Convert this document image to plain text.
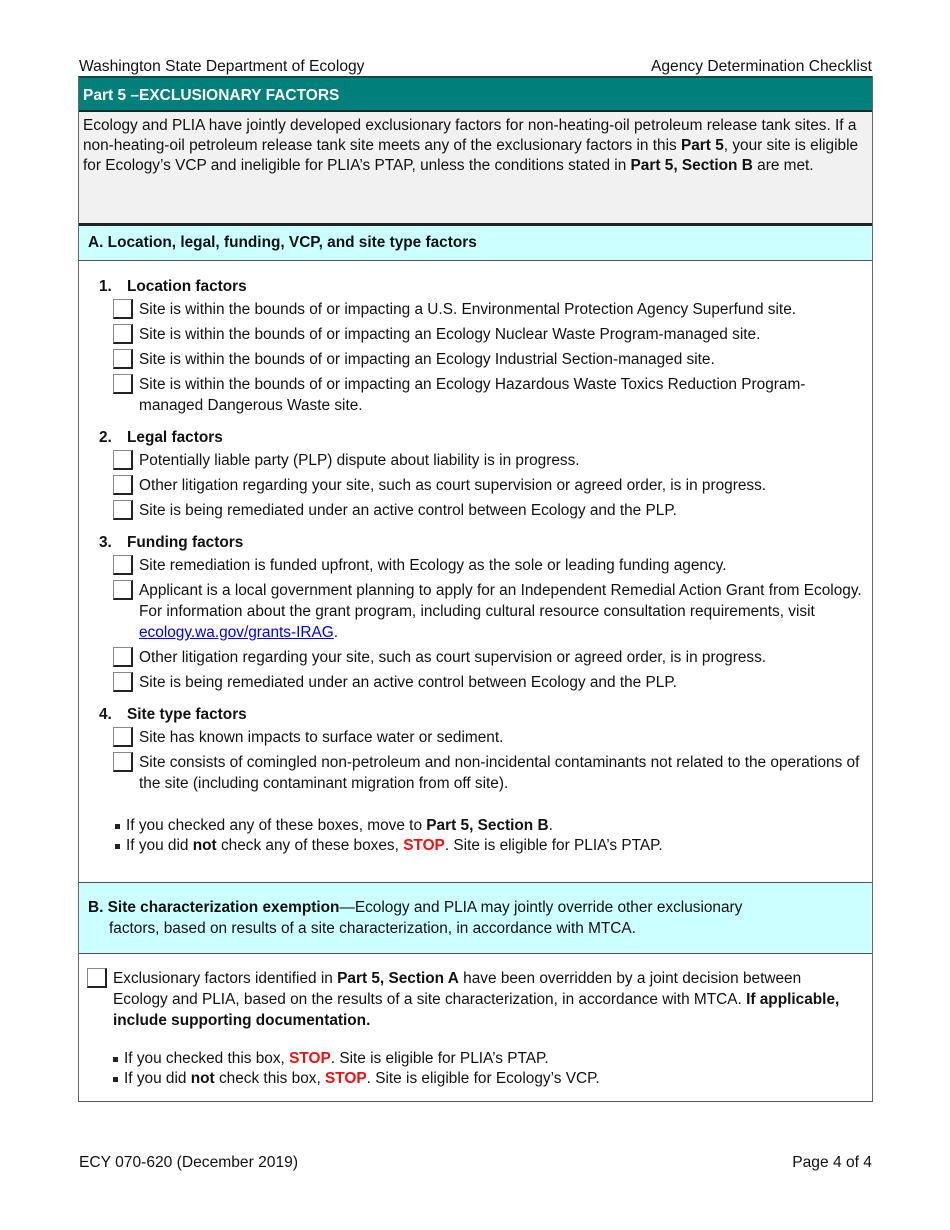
Washington State Department of Ecology	Agency Determination Checklist
Part 5 –EXCLUSIONARY FACTORS
Ecology and PLIA have jointly developed exclusionary factors for non-heating-oil petroleum release tank sites. If a non-heating-oil petroleum release tank site meets any of the exclusionary factors in this Part 5, your site is eligible for Ecology’s VCP and ineligible for PLIA’s PTAP, unless the conditions stated in Part 5, Section B are met.
A. Location, legal, funding, VCP, and site type factors
1. Location factors
Site is within the bounds of or impacting a U.S. Environmental Protection Agency Superfund site.
Site is within the bounds of or impacting an Ecology Nuclear Waste Program-managed site.
Site is within the bounds of or impacting an Ecology Industrial Section-managed site.
Site is within the bounds of or impacting an Ecology Hazardous Waste Toxics Reduction Program-managed Dangerous Waste site.
2. Legal factors
Potentially liable party (PLP) dispute about liability is in progress.
Other litigation regarding your site, such as court supervision or agreed order, is in progress.
Site is being remediated under an active control between Ecology and the PLP.
3. Funding factors
Site remediation is funded upfront, with Ecology as the sole or leading funding agency.
Applicant is a local government planning to apply for an Independent Remedial Action Grant from Ecology. For information about the grant program, including cultural resource consultation requirements, visit ecology.wa.gov/grants-IRAG.
Other litigation regarding your site, such as court supervision or agreed order, is in progress.
Site is being remediated under an active control between Ecology and the PLP.
4. Site type factors
Site has known impacts to surface water or sediment.
Site consists of comingled non-petroleum and non-incidental contaminants not related to the operations of the site (including contaminant migration from off site).
If you checked any of these boxes, move to Part 5, Section B.
If you did not check any of these boxes, STOP. Site is eligible for PLIA’s PTAP.
B. Site characterization exemption—Ecology and PLIA may jointly override other exclusionary
factors, based on results of a site characterization, in accordance with MTCA.
Exclusionary factors identified in Part 5, Section A have been overridden by a joint decision between Ecology and PLIA, based on the results of a site characterization, in accordance with MTCA. If applicable, include supporting documentation.
If you checked this box, STOP. Site is eligible for PLIA’s PTAP.
If you did not check this box, STOP. Site is eligible for Ecology’s VCP.
ECY 070-620 (December 2019)	Page 4 of 4
